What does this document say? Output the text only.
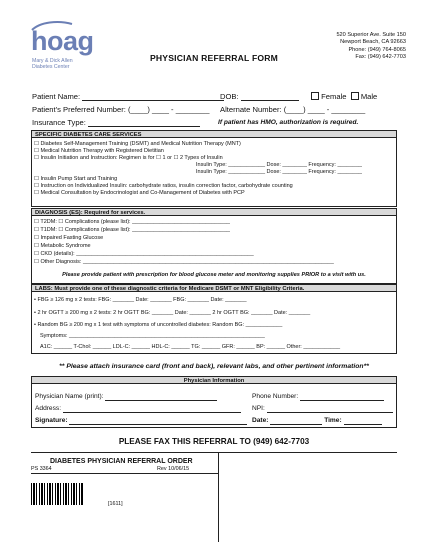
hoag
Mary & Dick Allen Diabetes Center
520 Superior Ave. Suite 150
Newport Beach, CA 92663
Phone: (949) 764-8065
Fax: (949) 642-7703
PHYSICIAN REFERRAL FORM
Patient Name:	DOB:	Female Male
Patient's Preferred Number: (____) ____ - ________ Alternate Number: (____) ____ - ________
Insurance Type:	If patient has HMO, authorization is required.
SPECIFIC DIABETES CARE SERVICES
☐ Diabetes Self-Management Training (DSMT) and Medical Nutrition Therapy (MNT)
☐ Medical Nutrition Therapy with Registered Dietitian
☐ Insulin Initiation and Instruction: Regimen is for ☐ 1 or ☐ 2 Types of Insulin
Insulin Type: ____________ Dose: ________ Frequency: ________
Insulin Type: ____________ Dose: ________ Frequency: ________
☐ Insulin Pump Start and Training
☐ Instruction on Individualized Insulin: carbohydrate ratios, insulin correction factor, carbohydrate counting
☐ Medical Consultation by Endocrinologist and Co-Management of Diabetes with PCP
DIAGNOSIS (ES): Required for services.
☐ T2DM: ☐ Complications (please list): ________________________________
☐ T1DM: ☐ Complications (please list): ________________________________
☐ Impaired Fasting Glucose
☐ Metabolic Syndrome
☐ CKD (details): __________________________________________________________
☐ Other Diagnosis: __________________________________________________________________________________
Please provide patient with prescription for blood glucose meter and monitoring supplies PRIOR to a visit with us.
LABS: Must provide one of these diagnostic criteria for Medicare DSMT or MNT Eligibility Criteria.
• FBG ≥ 126 mg x 2 tests: FBG: _______ Date: _______ FBG: _______ Date: _______
• 2 hr OGTT ≥ 200 mg x 2 tests: 2 hr OGTT BG: _______ Date: _______ 2 hr OGTT BG: _______ Date: _______
• Random BG ≥ 200 mg x 1 test with symptoms of uncontrolled diabetes: Random BG: ____________
Symptoms: ________________________________________________________________
A1C: ______ T-Chol: ______ LDL-C: ______ HDL-C: ______ TG: ______ GFR: ______ BP: ______ Other: ____________
** Please attach insurance card (front and back), relevant labs, and other pertinent information**
Physician Information
Physician Name (print):	Phone Number:
Address:	NPI:
Signature:	Date:	Time:
PLEASE FAX THIS REFERRAL TO (949) 642-7703
DIABETES PHYSICIAN REFERRAL ORDER
PS 3364	Rev 10/06/15
[1611]
